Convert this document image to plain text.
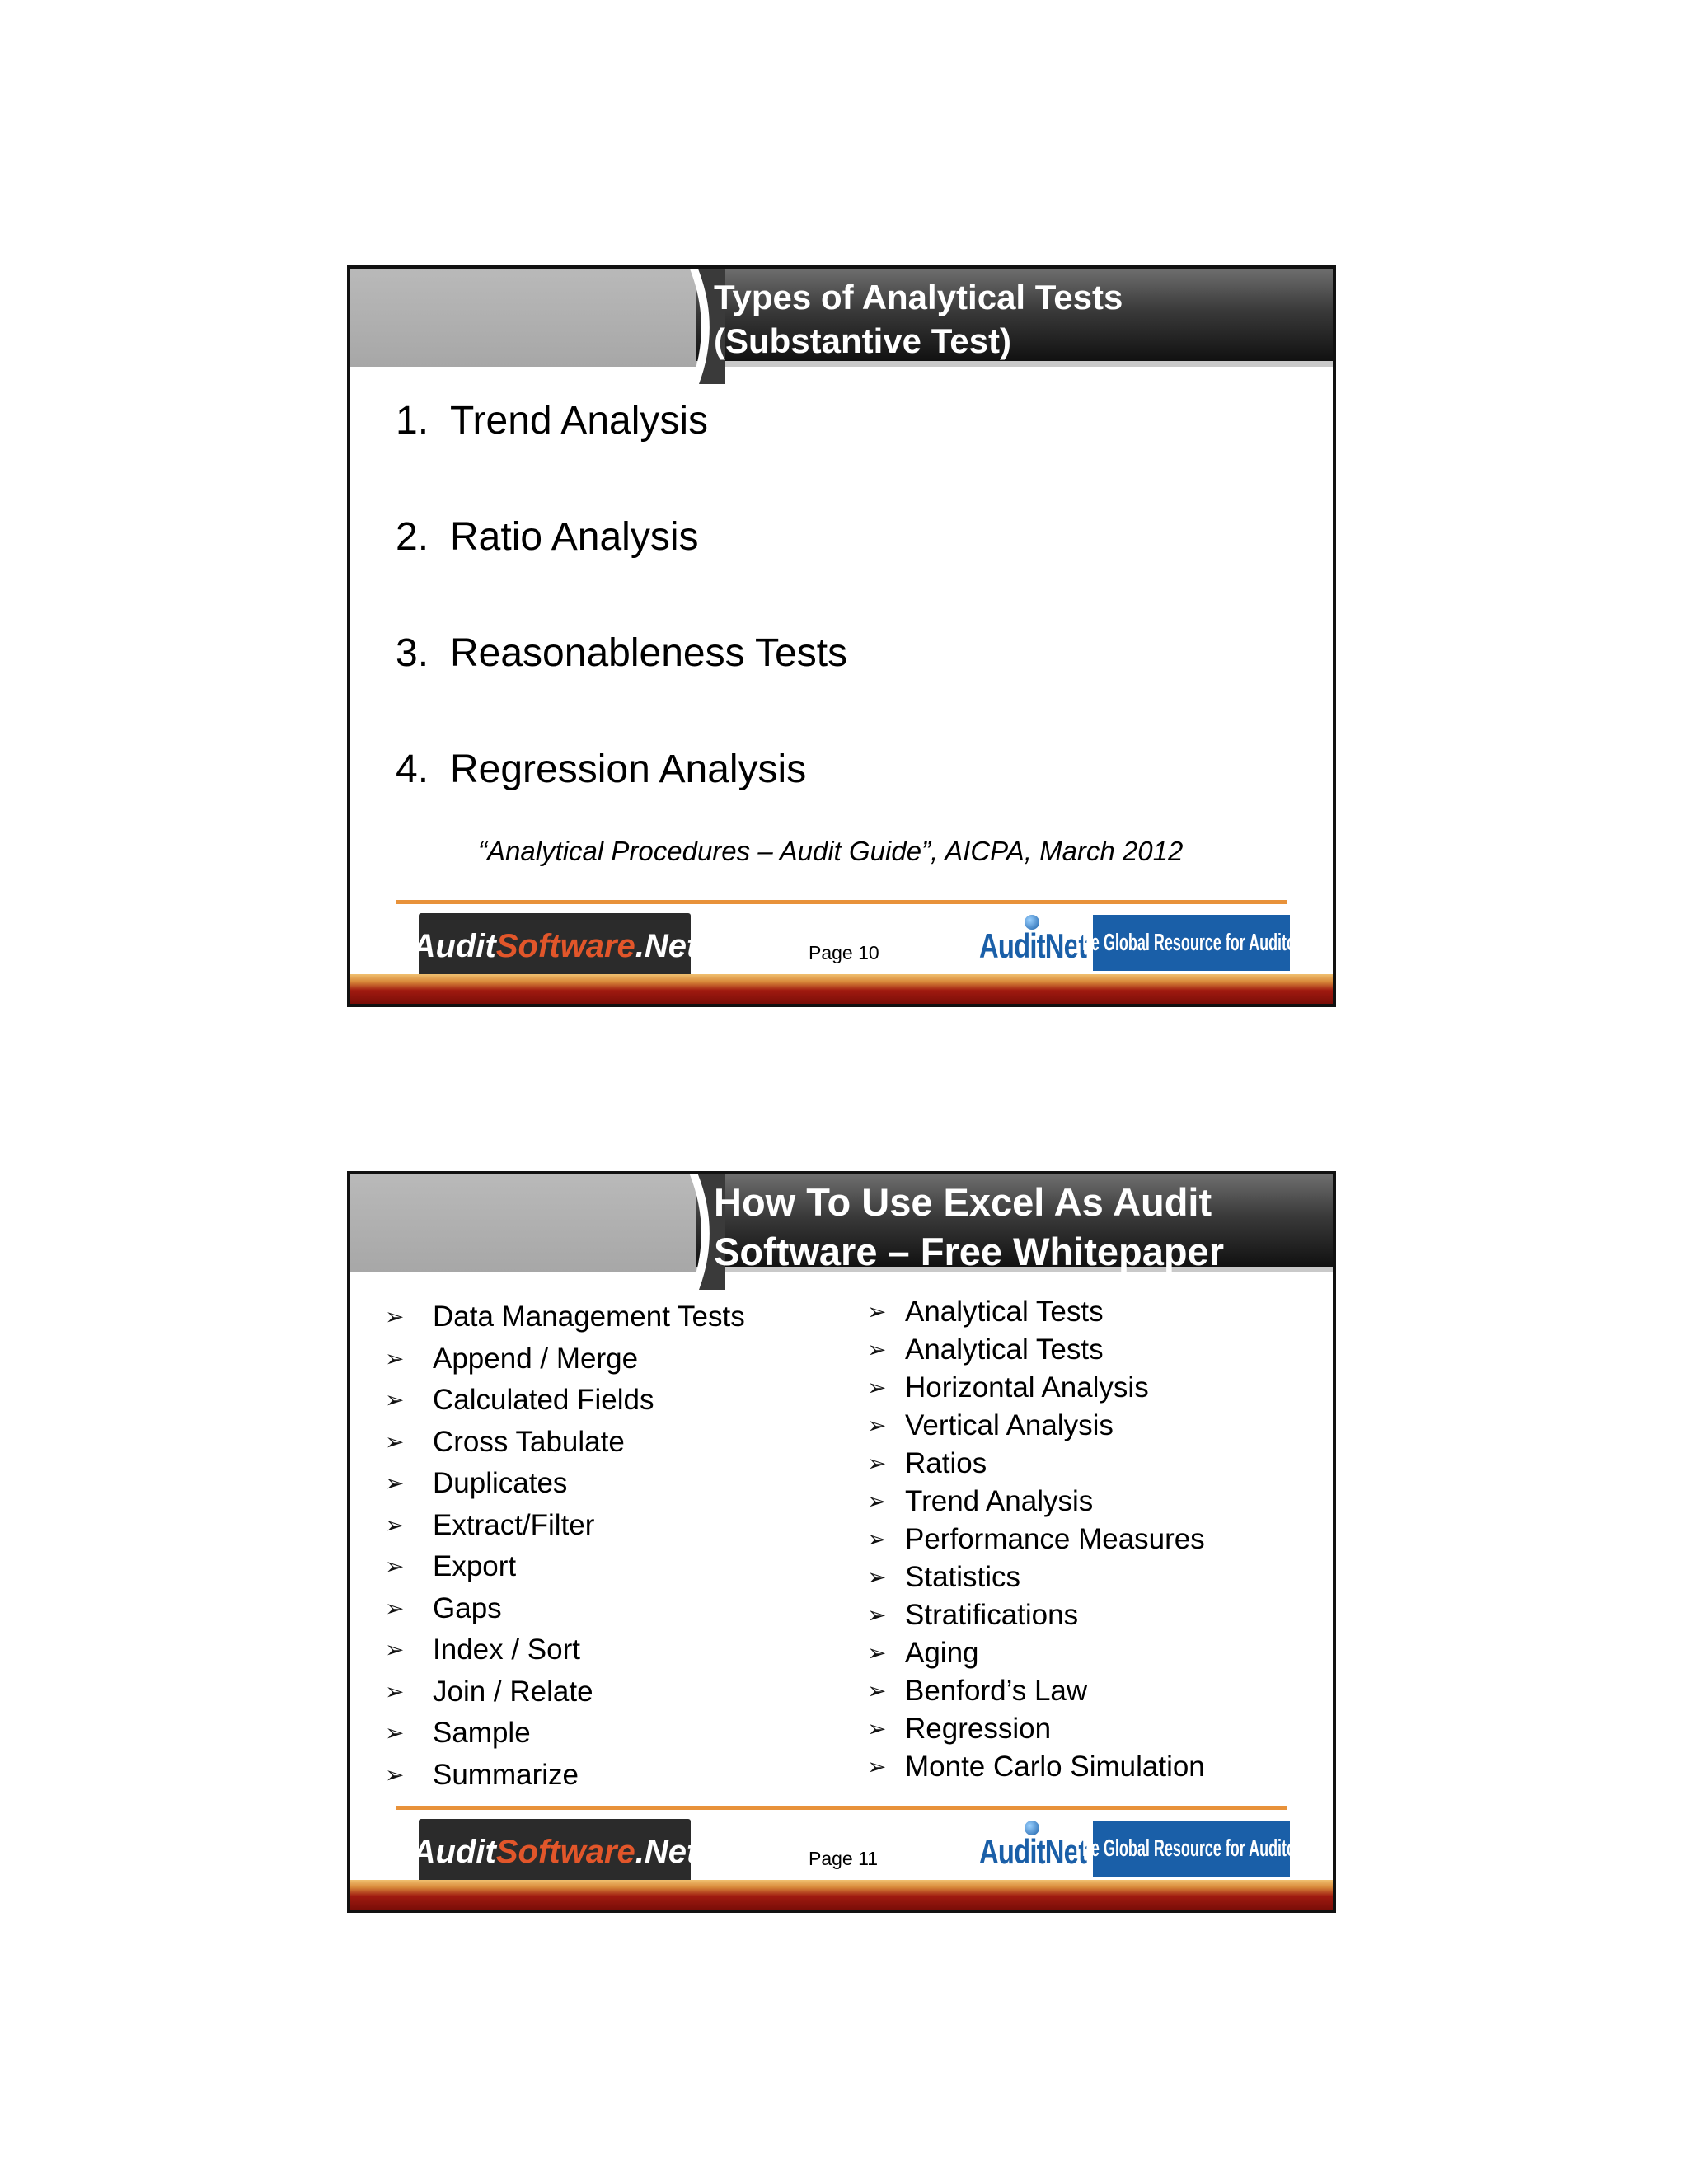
Types of Analytical Tests
(Substantive Test)
1. Trend Analysis
2. Ratio Analysis
3. Reasonableness Tests
4. Regression Analysis
“Analytical Procedures – Audit Guide”, AICPA, March 2012
Audit Software .Net	Page 10	AuditNet
The Global Resource for Auditors
How To Use Excel As Audit
Software – Free Whitepaper
➢ Data Management Tests
➢ Append / Merge
➢ Calculated Fields
➢ Cross Tabulate
➢ Duplicates
➢ Extract/Filter
➢ Export
➢ Gaps
➢ Index / Sort
➢ Join / Relate
➢ Sample
➢ Summarize
➢ Analytical Tests
➢ Analytical Tests
➢ Horizontal Analysis
➢ Vertical Analysis
➢ Ratios
➢ Trend Analysis
➢ Performance Measures
➢ Statistics
➢ Stratifications
➢ Aging
➢ Benford’s Law
➢ Regression
➢ Monte Carlo Simulation
Audit Software .Net	Page 11	AuditNet
The Global Resource for Auditors
